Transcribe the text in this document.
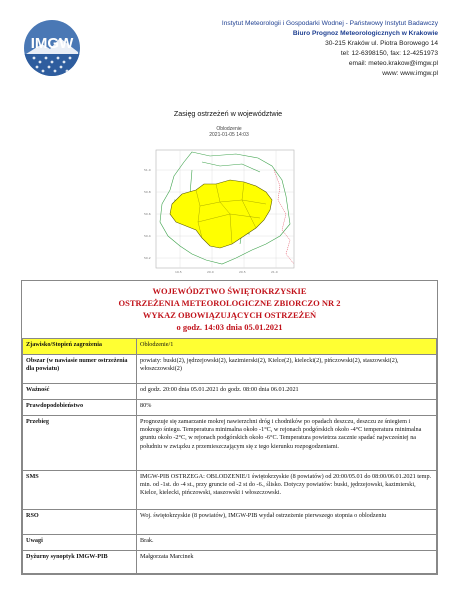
IMGW
Instytut Meteorologii i Gospodarki Wodnej - Państwowy Instytut Badawczy
Biuro Prognoz Meteorologicznych w Krakowie
30-215 Kraków ul. Piotra Borowego 14
tel: 12-6398150, fax: 12-4251973
email: meteo.krakow@imgw.pl
www: www.imgw.pl
Zasięg ostrzeżeń w województwie
Oblodzenie
2021-01-05 14:03
51.0
50.8
50.6
50.4
50.2
19.5	20.0	20.5	21.0
WOJEWÓDZTWO ŚWIĘTOKRZYSKIE
OSTRZEŻENIA METEOROLOGICZNE ZBIORCZO NR 2
WYKAZ OBOWIĄZUJĄCYCH OSTRZEŻEŃ
o godz. 14:03 dnia 05.01.2021
Zjawisko/Stopień zagrożenia	Oblodzenie/1
Obszar (w nawiasie numer ostrzeżenia dla powiatu)	powiaty: buski(2), jędrzejowski(2), kazimierski(2), Kielce(2), kielecki(2), pińczowski(2), staszowski(2), włoszczowski(2)
Ważność	od godz. 20:00 dnia 05.01.2021 do godz. 08:00 dnia 06.01.2021
Prawdopodobieństwo	80%
Przebieg	Prognozuje się zamarzanie mokrej nawierzchni dróg i chodników po opadach deszczu, deszczu ze śniegiem i mokrego śniegu. Temperatura minimalna około -1°C, w rejonach podgórskich około -4°C temperatura minimalna gruntu około -2°C, w rejonach podgórskich około -6°C. Temperatura powietrza zacznie spadać najwcześniej na południu w związku z przemieszczającym się z tego kierunku rozpogodzeniami.
SMS	IMGW-PIB OSTRZEGA: OBLODZENIE/1 świętokrzyskie (8 powiatów) od 20:00/05.01 do 08:00/06.01.2021 temp. min. od -1st. do -4 st., przy gruncie od -2 st do -6., ślisko. Dotyczy powiatów: buski, jędrzejowski, kazimierski, Kielce, kielecki, pińczowski, staszowski i włoszczowski.
RSO	Woj. świętokrzyskie (8 powiatów), IMGW-PIB wydał ostrzeżenie pierwszego stopnia o oblodzeniu
Uwagi	Brak.
Dyżurny synoptyk IMGW-PIB	Małgorzata Marcinek
